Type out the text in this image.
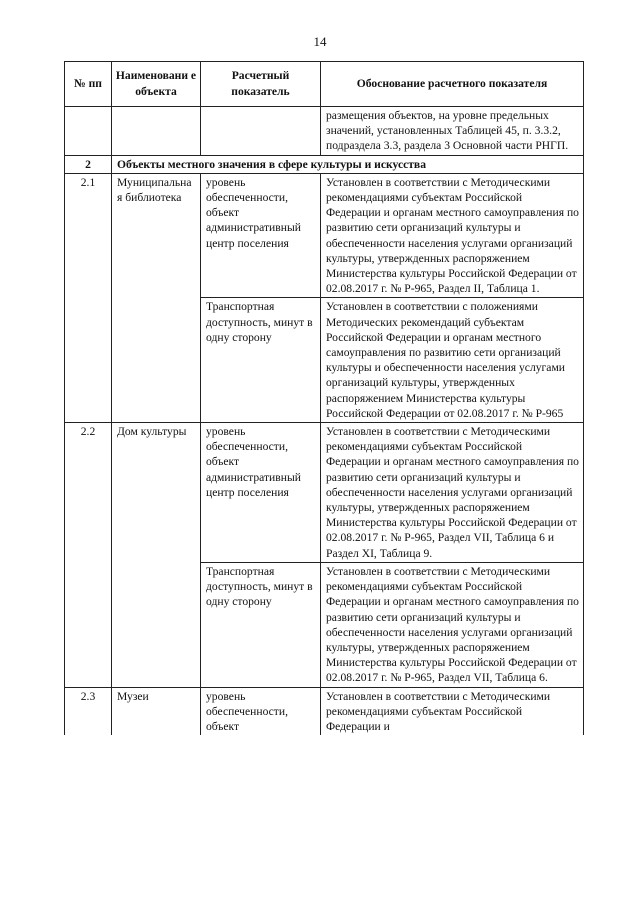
14
№ пп	Наименовани е объекта	Расчетный показатель	Обоснование расчетного показателя
			размещения объектов, на уровне предельных значений, установленных Таблицей 45, п. 3.3.2, подраздела 3.3, раздела 3 Основной части РНГП.
2	Объекты местного значения в сфере культуры и искусства		
2.1	Муниципальна я библиотека	уровень обеспеченности, объект административный центр поселения	Установлен в соответствии с Методическими рекомендациями субъектам Российской Федерации и органам местного самоуправления по развитию сети организаций культуры и обеспеченности населения услугами организаций культуры, утвержденных распоряжением Министерства культуры Российской Федерации от 02.08.2017 г. № Р-965, Раздел II, Таблица 1.
		Транспортная доступность, минут в одну сторону	Установлен в соответствии с положениями Методических рекомендаций субъектам Российской Федерации и органам местного самоуправления по развитию сети организаций культуры и обеспеченности населения услугами организаций культуры, утвержденных распоряжением Министерства культуры Российской Федерации от 02.08.2017 г. № Р-965
2.2	Дом культуры	уровень обеспеченности, объект административный центр поселения	Установлен в соответствии с Методическими рекомендациями субъектам Российской Федерации и органам местного самоуправления по развитию сети организаций культуры и обеспеченности населения услугами организаций культуры, утвержденных распоряжением Министерства культуры Российской Федерации от 02.08.2017 г. № Р-965, Раздел VII, Таблица 6 и Раздел XI, Таблица 9.
		Транспортная доступность, минут в одну сторону	Установлен в соответствии с Методическими рекомендациями субъектам Российской Федерации и органам местного самоуправления по развитию сети организаций культуры и обеспеченности населения услугами организаций культуры, утвержденных распоряжением Министерства культуры Российской Федерации от 02.08.2017 г. № Р-965, Раздел VII, Таблица 6.
2.3	Музеи	уровень обеспеченности, объект	Установлен в соответствии с Методическими рекомендациями субъектам Российской Федерации и
